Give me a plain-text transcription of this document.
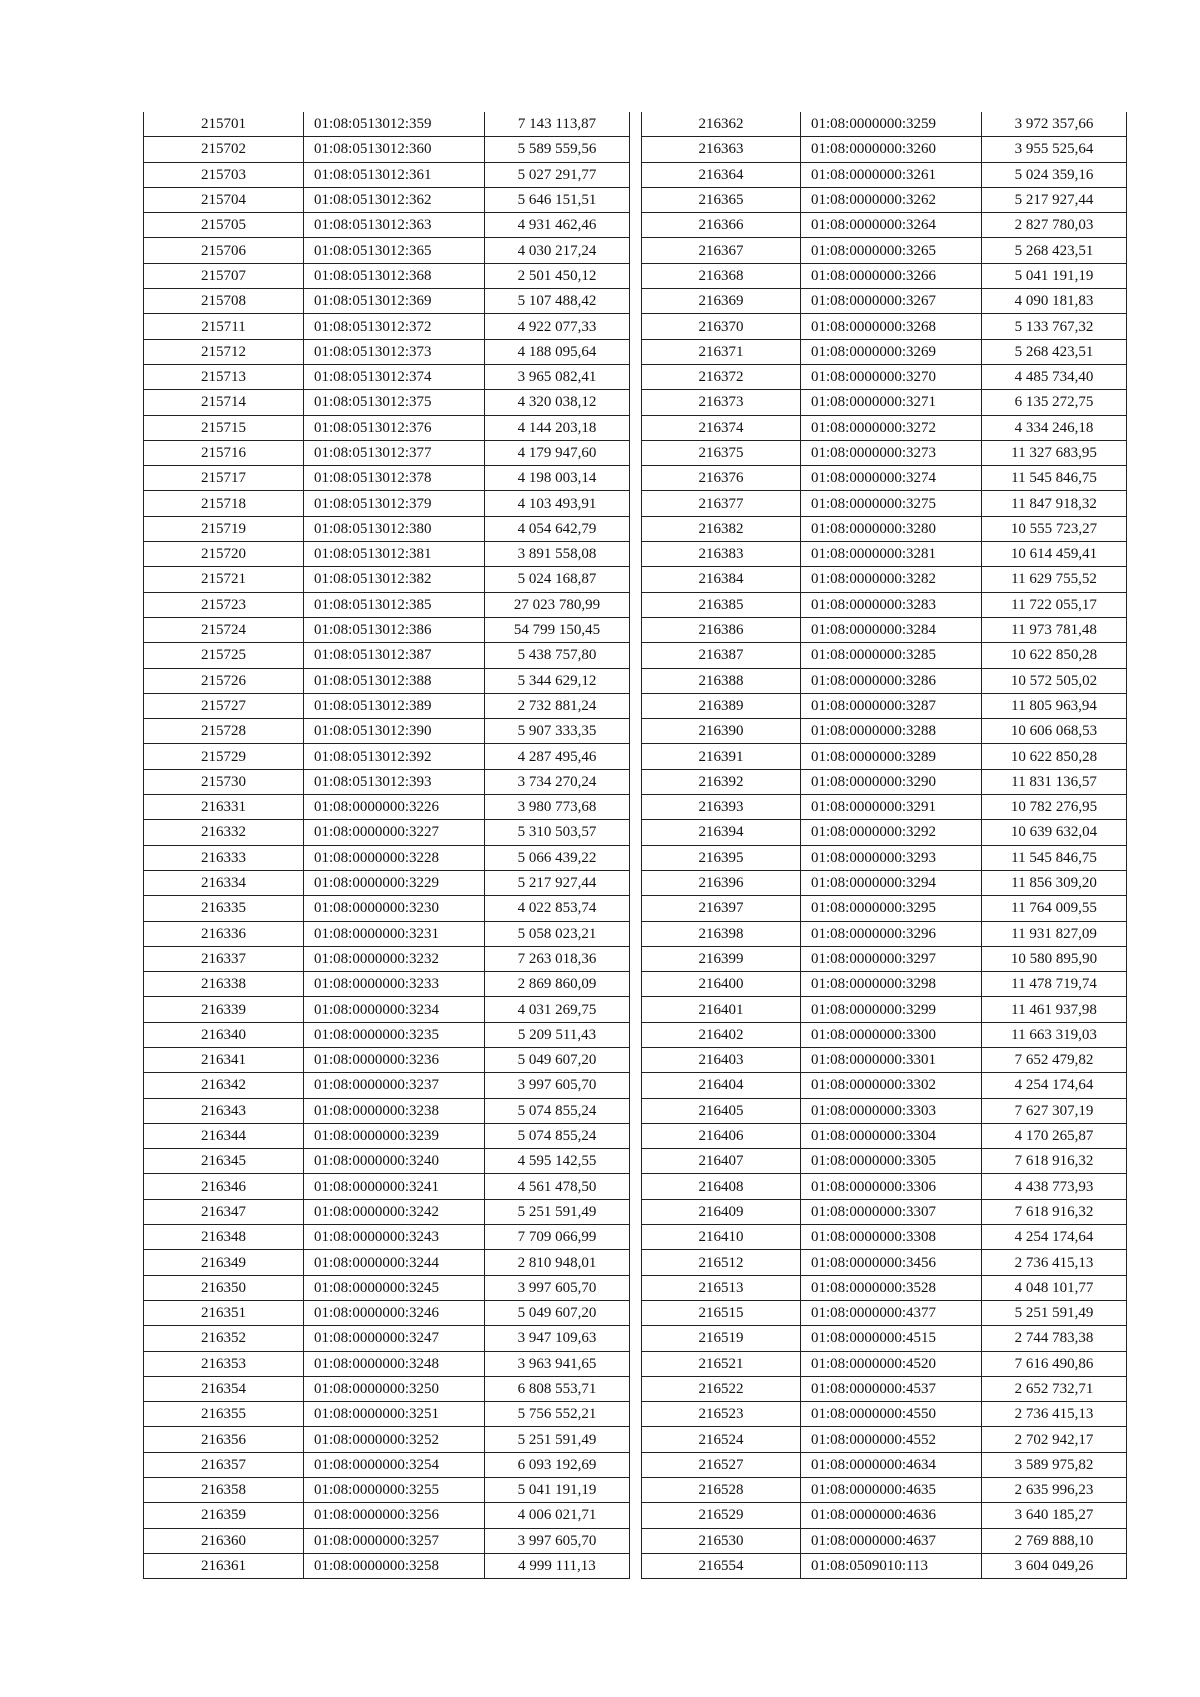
215701	01:08:0513012:359	7 143 113,87
215702	01:08:0513012:360	5 589 559,56
215703	01:08:0513012:361	5 027 291,77
215704	01:08:0513012:362	5 646 151,51
215705	01:08:0513012:363	4 931 462,46
215706	01:08:0513012:365	4 030 217,24
215707	01:08:0513012:368	2 501 450,12
215708	01:08:0513012:369	5 107 488,42
215711	01:08:0513012:372	4 922 077,33
215712	01:08:0513012:373	4 188 095,64
215713	01:08:0513012:374	3 965 082,41
215714	01:08:0513012:375	4 320 038,12
215715	01:08:0513012:376	4 144 203,18
215716	01:08:0513012:377	4 179 947,60
215717	01:08:0513012:378	4 198 003,14
215718	01:08:0513012:379	4 103 493,91
215719	01:08:0513012:380	4 054 642,79
215720	01:08:0513012:381	3 891 558,08
215721	01:08:0513012:382	5 024 168,87
215723	01:08:0513012:385	27 023 780,99
215724	01:08:0513012:386	54 799 150,45
215725	01:08:0513012:387	5 438 757,80
215726	01:08:0513012:388	5 344 629,12
215727	01:08:0513012:389	2 732 881,24
215728	01:08:0513012:390	5 907 333,35
215729	01:08:0513012:392	4 287 495,46
215730	01:08:0513012:393	3 734 270,24
216331	01:08:0000000:3226	3 980 773,68
216332	01:08:0000000:3227	5 310 503,57
216333	01:08:0000000:3228	5 066 439,22
216334	01:08:0000000:3229	5 217 927,44
216335	01:08:0000000:3230	4 022 853,74
216336	01:08:0000000:3231	5 058 023,21
216337	01:08:0000000:3232	7 263 018,36
216338	01:08:0000000:3233	2 869 860,09
216339	01:08:0000000:3234	4 031 269,75
216340	01:08:0000000:3235	5 209 511,43
216341	01:08:0000000:3236	5 049 607,20
216342	01:08:0000000:3237	3 997 605,70
216343	01:08:0000000:3238	5 074 855,24
216344	01:08:0000000:3239	5 074 855,24
216345	01:08:0000000:3240	4 595 142,55
216346	01:08:0000000:3241	4 561 478,50
216347	01:08:0000000:3242	5 251 591,49
216348	01:08:0000000:3243	7 709 066,99
216349	01:08:0000000:3244	2 810 948,01
216350	01:08:0000000:3245	3 997 605,70
216351	01:08:0000000:3246	5 049 607,20
216352	01:08:0000000:3247	3 947 109,63
216353	01:08:0000000:3248	3 963 941,65
216354	01:08:0000000:3250	6 808 553,71
216355	01:08:0000000:3251	5 756 552,21
216356	01:08:0000000:3252	5 251 591,49
216357	01:08:0000000:3254	6 093 192,69
216358	01:08:0000000:3255	5 041 191,19
216359	01:08:0000000:3256	4 006 021,71
216360	01:08:0000000:3257	3 997 605,70
216361	01:08:0000000:3258	4 999 111,13
216362	01:08:0000000:3259	3 972 357,66
216363	01:08:0000000:3260	3 955 525,64
216364	01:08:0000000:3261	5 024 359,16
216365	01:08:0000000:3262	5 217 927,44
216366	01:08:0000000:3264	2 827 780,03
216367	01:08:0000000:3265	5 268 423,51
216368	01:08:0000000:3266	5 041 191,19
216369	01:08:0000000:3267	4 090 181,83
216370	01:08:0000000:3268	5 133 767,32
216371	01:08:0000000:3269	5 268 423,51
216372	01:08:0000000:3270	4 485 734,40
216373	01:08:0000000:3271	6 135 272,75
216374	01:08:0000000:3272	4 334 246,18
216375	01:08:0000000:3273	11 327 683,95
216376	01:08:0000000:3274	11 545 846,75
216377	01:08:0000000:3275	11 847 918,32
216382	01:08:0000000:3280	10 555 723,27
216383	01:08:0000000:3281	10 614 459,41
216384	01:08:0000000:3282	11 629 755,52
216385	01:08:0000000:3283	11 722 055,17
216386	01:08:0000000:3284	11 973 781,48
216387	01:08:0000000:3285	10 622 850,28
216388	01:08:0000000:3286	10 572 505,02
216389	01:08:0000000:3287	11 805 963,94
216390	01:08:0000000:3288	10 606 068,53
216391	01:08:0000000:3289	10 622 850,28
216392	01:08:0000000:3290	11 831 136,57
216393	01:08:0000000:3291	10 782 276,95
216394	01:08:0000000:3292	10 639 632,04
216395	01:08:0000000:3293	11 545 846,75
216396	01:08:0000000:3294	11 856 309,20
216397	01:08:0000000:3295	11 764 009,55
216398	01:08:0000000:3296	11 931 827,09
216399	01:08:0000000:3297	10 580 895,90
216400	01:08:0000000:3298	11 478 719,74
216401	01:08:0000000:3299	11 461 937,98
216402	01:08:0000000:3300	11 663 319,03
216403	01:08:0000000:3301	7 652 479,82
216404	01:08:0000000:3302	4 254 174,64
216405	01:08:0000000:3303	7 627 307,19
216406	01:08:0000000:3304	4 170 265,87
216407	01:08:0000000:3305	7 618 916,32
216408	01:08:0000000:3306	4 438 773,93
216409	01:08:0000000:3307	7 618 916,32
216410	01:08:0000000:3308	4 254 174,64
216512	01:08:0000000:3456	2 736 415,13
216513	01:08:0000000:3528	4 048 101,77
216515	01:08:0000000:4377	5 251 591,49
216519	01:08:0000000:4515	2 744 783,38
216521	01:08:0000000:4520	7 616 490,86
216522	01:08:0000000:4537	2 652 732,71
216523	01:08:0000000:4550	2 736 415,13
216524	01:08:0000000:4552	2 702 942,17
216527	01:08:0000000:4634	3 589 975,82
216528	01:08:0000000:4635	2 635 996,23
216529	01:08:0000000:4636	3 640 185,27
216530	01:08:0000000:4637	2 769 888,10
216554	01:08:0509010:113	3 604 049,26
